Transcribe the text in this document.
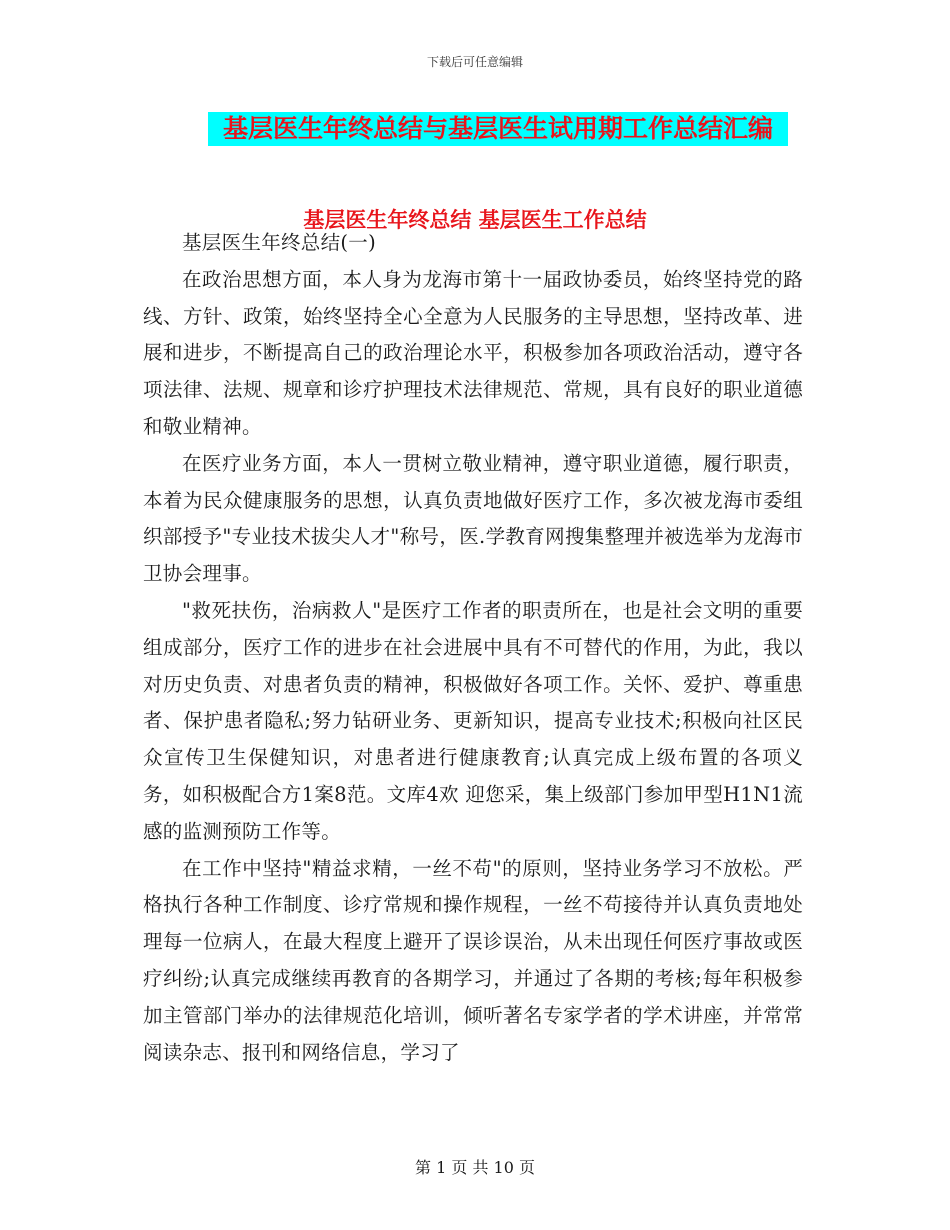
下载后可任意编辑
基层医生年终总结与基层医生试用期工作总结汇编
基层医生年终总结 基层医生工作总结

基层医生年终总结(一)

在政治思想方面，本人身为龙海市第十一届政协委员，始终坚持党的路线、方针、政策，始终坚持全心全意为人民服务的主导思想，坚持改革、进展和进步，不断提高自己的政治理论水平，积极参加各项政治活动，遵守各项法律、法规、规章和诊疗护理技术法律规范、常规，具有良好的职业道德和敬业精神。

在医疗业务方面，本人一贯树立敬业精神，遵守职业道德，履行职责，本着为民众健康服务的思想，认真负责地做好医疗工作，多次被龙海市委组织部授予"专业技术拔尖人才"称号，医.学教育网搜集整理并被选举为龙海市卫协会理事。

"救死扶伤，治病救人"是医疗工作者的职责所在，也是社会文明的重要组成部分，医疗工作的进步在社会进展中具有不可替代的作用，为此，我以对历史负责、对患者负责的精神，积极做好各项工作。关怀、爱护、尊重患者、保护患者隐私;努力钻研业务、更新知识，提高专业技术;积极向社区民众宣传卫生保健知识，对患者进行健康教育;认真完成上级布置的各项义务，如积极配合方1案8范。文库4欢 迎您采，集上级部门参加甲型H1N1流感的监测预防工作等。

在工作中坚持"精益求精，一丝不苟"的原则，坚持业务学习不放松。严格执行各种工作制度、诊疗常规和操作规程，一丝不苟接待并认真负责地处理每一位病人，在最大程度上避开了误诊误治，从未出现任何医疗事故或医疗纠纷;认真完成继续再教育的各期学习，并通过了各期的考核;每年积极参加主管部门举办的法律规范化培训，倾听著名专家学者的学术讲座，并常常阅读杂志、报刊和网络信息，学习了

第 1 页 共 10 页
